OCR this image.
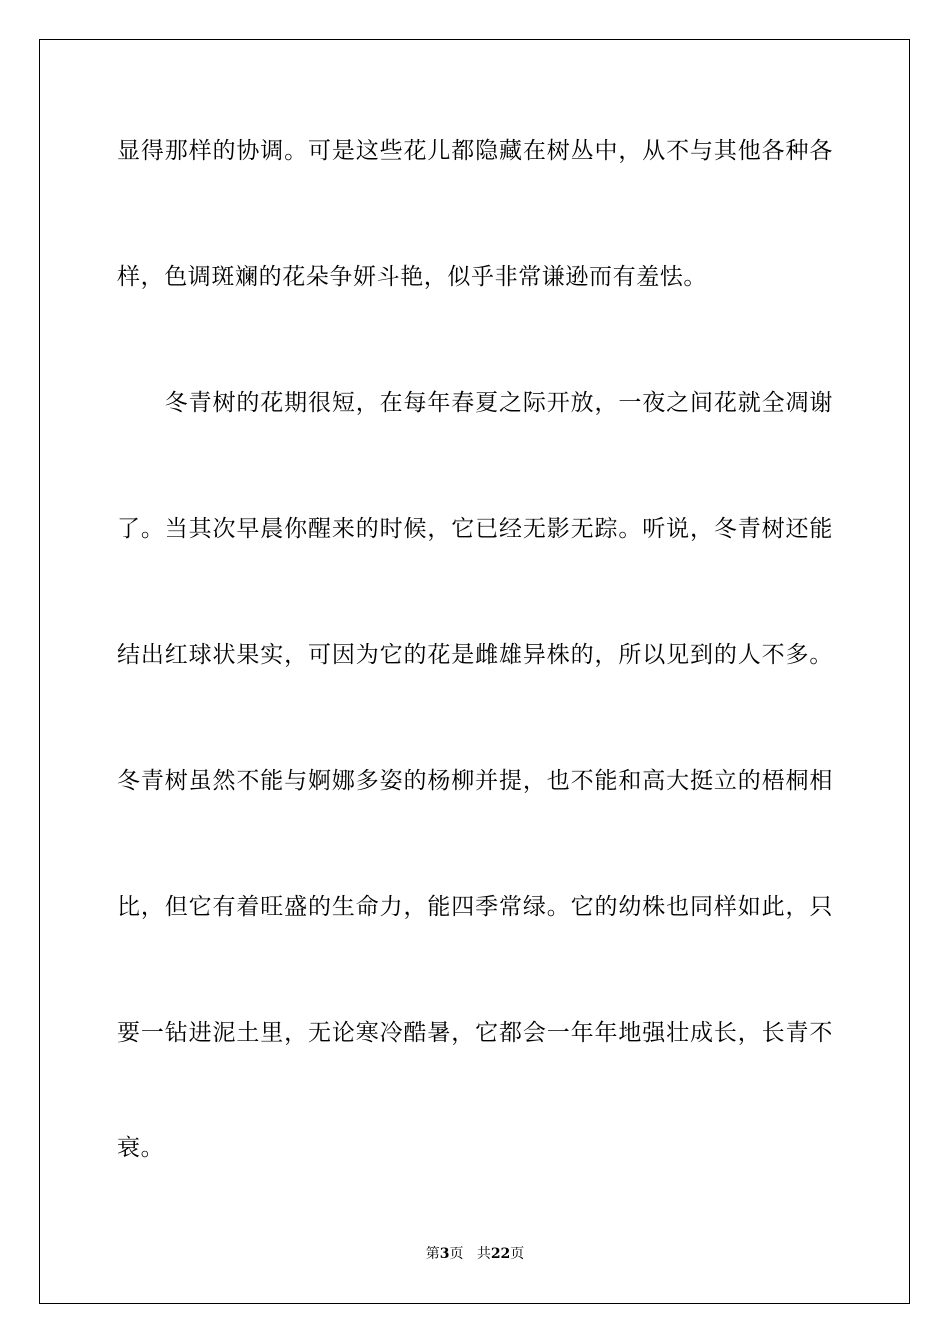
显得那样的协调。可是这些花儿都隐藏在树丛中，从不与其他各种各
样，色调斑斓的花朵争妍斗艳，似乎非常谦逊而有羞怯。
　　冬青树的花期很短，在每年春夏之际开放，一夜之间花就全凋谢
了。当其次早晨你醒来的时候，它已经无影无踪。听说，冬青树还能
结出红球状果实，可因为它的花是雌雄异株的，所以见到的人不多。
冬青树虽然不能与婀娜多姿的杨柳并提，也不能和高大挺立的梧桐相
比，但它有着旺盛的生命力，能四季常绿。它的幼株也同样如此，只
要一钻进泥土里，无论寒冷酷暑，它都会一年年地强壮成长，长青不
衰。
第3页 共22页
